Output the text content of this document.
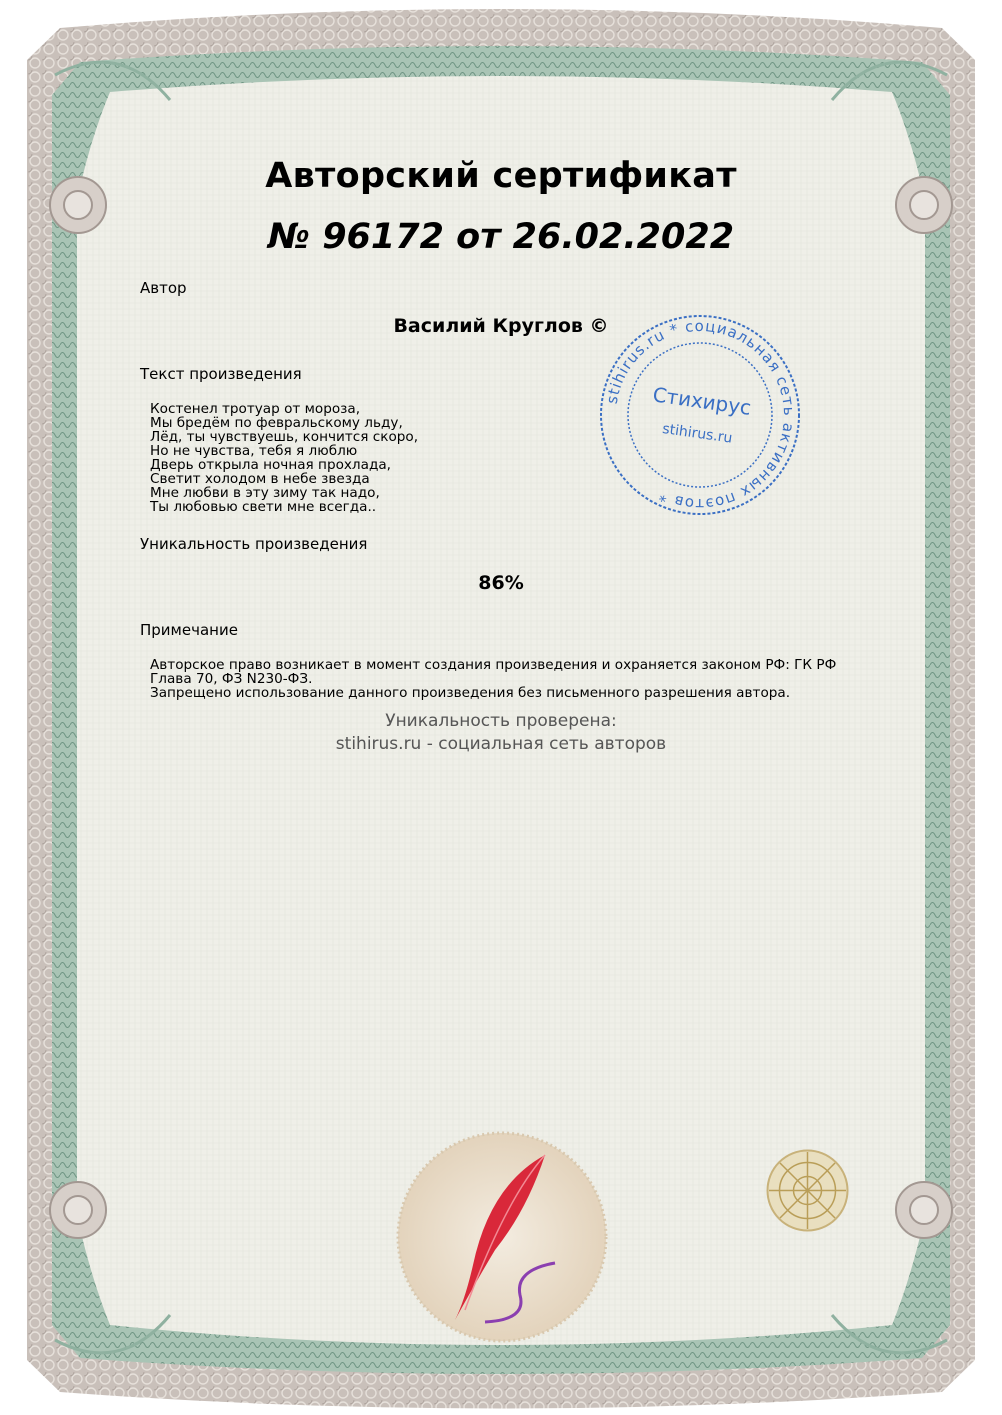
stihirus.ru * социальная сеть активных поэтов *
Стихирус
stihirus.ru
Авторский сертификат
№ 96172 от 26.02.2022
Автор
Василий Круглов ©
Текст произведения
Костенел тротуар от мороза,
Мы бредём по февральскому льду,
Лёд, ты чувствуешь, кончится скоро,
Но не чувства, тебя я люблю
Дверь открыла ночная прохлада,
Светит холодом в небе звезда
Мне любви в эту зиму так надо,
Ты любовью свети мне всегда..
Уникальность произведения
86%
Примечание
Авторское право возникает в момент создания произведения и охраняется законом РФ: ГК РФ Глава 70, ФЗ N230-ФЗ.
Запрещено использование данного произведения без письменного разрешения автора.
Уникальность проверена:
stihirus.ru - социальная сеть авторов
